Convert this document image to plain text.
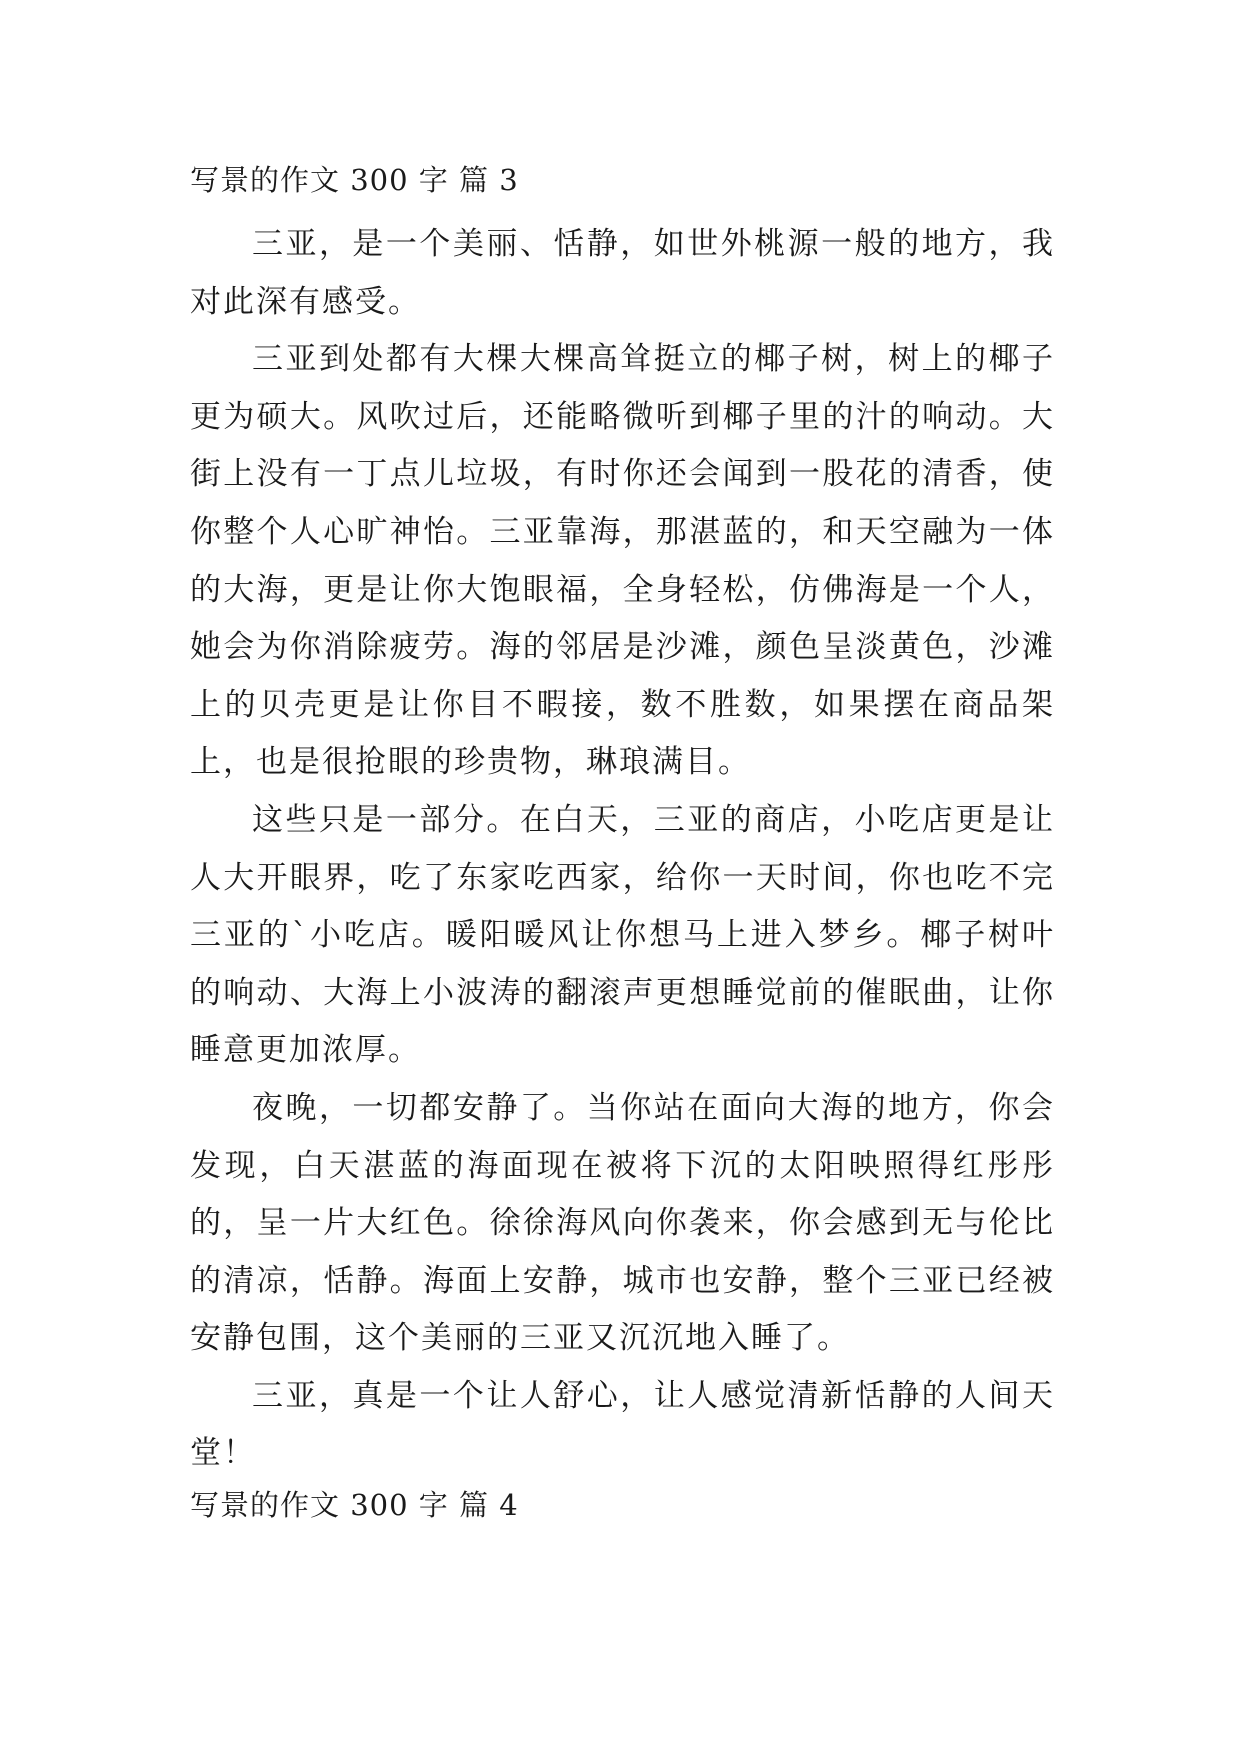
写景的作文 300 字 篇 3

三亚，是一个美丽、恬静，如世外桃源一般的地方，我对此深有感受。

三亚到处都有大棵大棵高耸挺立的椰子树，树上的椰子更为硕大。风吹过后，还能略微听到椰子里的汁的响动。大街上没有一丁点儿垃圾，有时你还会闻到一股花的清香，使你整个人心旷神怡。三亚靠海，那湛蓝的，和天空融为一体的大海，更是让你大饱眼福，全身轻松，仿佛海是一个人，她会为你消除疲劳。海的邻居是沙滩，颜色呈淡黄色，沙滩上的贝壳更是让你目不暇接，数不胜数，如果摆在商品架上，也是很抢眼的珍贵物，琳琅满目。

这些只是一部分。在白天，三亚的商店，小吃店更是让人大开眼界，吃了东家吃西家，给你一天时间，你也吃不完三亚的`小吃店。暖阳暖风让你想马上进入梦乡。椰子树叶的响动、大海上小波涛的翻滚声更想睡觉前的催眠曲，让你睡意更加浓厚。

夜晚，一切都安静了。当你站在面向大海的地方，你会发现，白天湛蓝的海面现在被将下沉的太阳映照得红彤彤的，呈一片大红色。徐徐海风向你袭来，你会感到无与伦比的清凉，恬静。海面上安静，城市也安静，整个三亚已经被安静包围，这个美丽的三亚又沉沉地入睡了。

三亚，真是一个让人舒心，让人感觉清新恬静的人间天堂！

写景的作文 300 字 篇 4
